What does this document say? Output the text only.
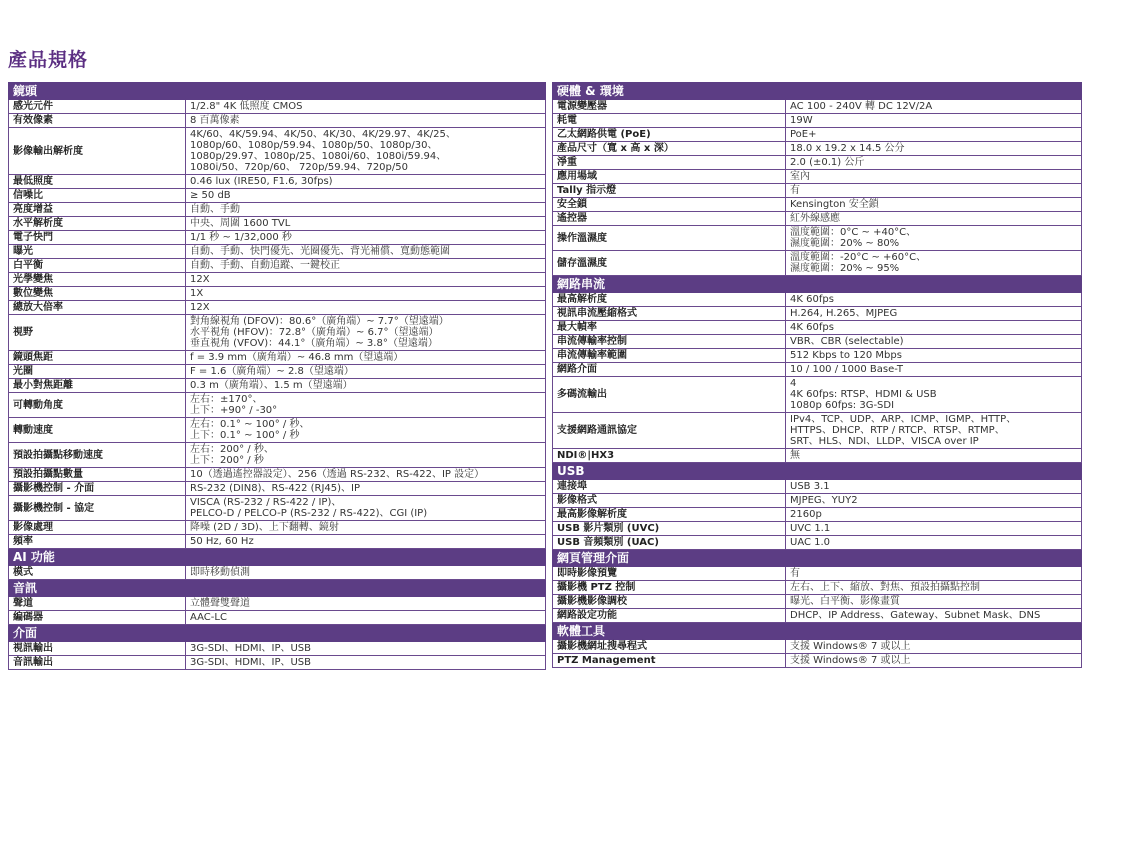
產品規格
鏡頭	
感光元件	1/2.8" 4K 低照度 CMOS

有效像素	8 百萬像素

影像輸出解析度	4K/60、4K/59.94、4K/50、4K/30、4K/29.97、4K/25、
1080p/60、1080p/59.94、1080p/50、1080p/30、
1080p/29.97、1080p/25、1080i/60、1080i/59.94、
1080i/50、720p/60、 720p/59.94、720p/50

最低照度	0.46 lux (IRE50, F1.6, 30fps)

信噪比	≥ 50 dB

亮度增益	自動、手動

水平解析度	中央、周圍 1600 TVL

電子快門	1/1 秒 ~ 1/32,000 秒

曝光	自動、手動、快門優先、光圈優先、背光補償、寬動態範圍

白平衡	自動、手動、自動追蹤、一鍵校正

光學變焦	12X

數位變焦	1X

總放大倍率	12X

視野	對角線視角 (DFOV)：80.6°（廣角端）~ 7.7°（望遠端）
水平視角 (HFOV)：72.8°（廣角端）~ 6.7°（望遠端）
垂直視角 (VFOV)：44.1°（廣角端）~ 3.8°（望遠端）

鏡頭焦距	f = 3.9 mm（廣角端）~ 46.8 mm（望遠端）

光圈	F = 1.6（廣角端）~ 2.8（望遠端）

最小對焦距離	0.3 m（廣角端）、1.5 m（望遠端）

可轉動角度	左右：±170°、
上下：+90° / -30°

轉動速度	左右：0.1° ~ 100° / 秒、
上下：0.1° ~ 100° / 秒

預設拍攝點移動速度	左右：200° / 秒、
上下：200° / 秒

預設拍攝點數量	10（透過遙控器設定）、256（透過 RS-232、RS-422、IP 設定）

攝影機控制 - 介面	RS-232 (DIN8)、RS-422 (RJ45)、IP

攝影機控制 - 協定	VISCA (RS-232 / RS-422 / IP)、
PELCO-D / PELCO-P (RS-232 / RS-422)、CGI (IP)

影像處理	降噪 (2D / 3D)、上下翻轉、鏡射

頻率	50 Hz, 60 Hz

AI 功能	
模式	即時移動偵測

音訊	
聲道	立體聲雙聲道

編碼器	AAC-LC

介面	
視訊輸出	3G-SDI、HDMI、IP、USB

音訊輸出	3G-SDI、HDMI、IP、USB
硬體 & 環境	
電源變壓器	AC 100 - 240V 轉 DC 12V/2A

耗電	19W

乙太網路供電 (PoE)	PoE+

產品尺寸（寬 x 高 x 深）	18.0 x 19.2 x 14.5 公分

淨重	2.0 (±0.1) 公斤

應用場域	室內

Tally 指示燈	有

安全鎖	Kensington 安全鎖

遙控器	紅外線感應

操作溫濕度	溫度範圍：0°C ~ +40°C、
濕度範圍：20% ~ 80%

儲存溫濕度	溫度範圍：-20°C ~ +60°C、
濕度範圍：20% ~ 95%

網路串流	
最高解析度	4K 60fps

視訊串流壓縮格式	H.264, H.265、MJPEG

最大幀率	4K 60fps

串流傳輸率控制	VBR、CBR (selectable)

串流傳輸率範圍	512 Kbps to 120 Mbps

網路介面	10 / 100 / 1000 Base-T

多碼流輸出	4
4K 60fps: RTSP、HDMI & USB
1080p 60fps: 3G-SDI

支援網路通訊協定	IPv4、TCP、UDP、ARP、ICMP、IGMP、HTTP、
HTTPS、DHCP、RTP / RTCP、RTSP、RTMP、
SRT、HLS、NDI、LLDP、VISCA over IP

NDI®|HX3	無

USB	
連接埠	USB 3.1

影像格式	MJPEG、YUY2

最高影像解析度	2160p

USB 影片類別 (UVC)	UVC 1.1

USB 音頻類別 (UAC)	UAC 1.0

網頁管理介面	
即時影像預覽	有

攝影機 PTZ 控制	左右、上下、縮放、對焦、預設拍攝點控制

攝影機影像調校	曝光、白平衡、影像畫質

網路設定功能	DHCP、IP Address、Gateway、Subnet Mask、DNS

軟體工具	
攝影機網址搜尋程式	支援 Windows® 7 或以上

PTZ Management	支援 Windows® 7 或以上
